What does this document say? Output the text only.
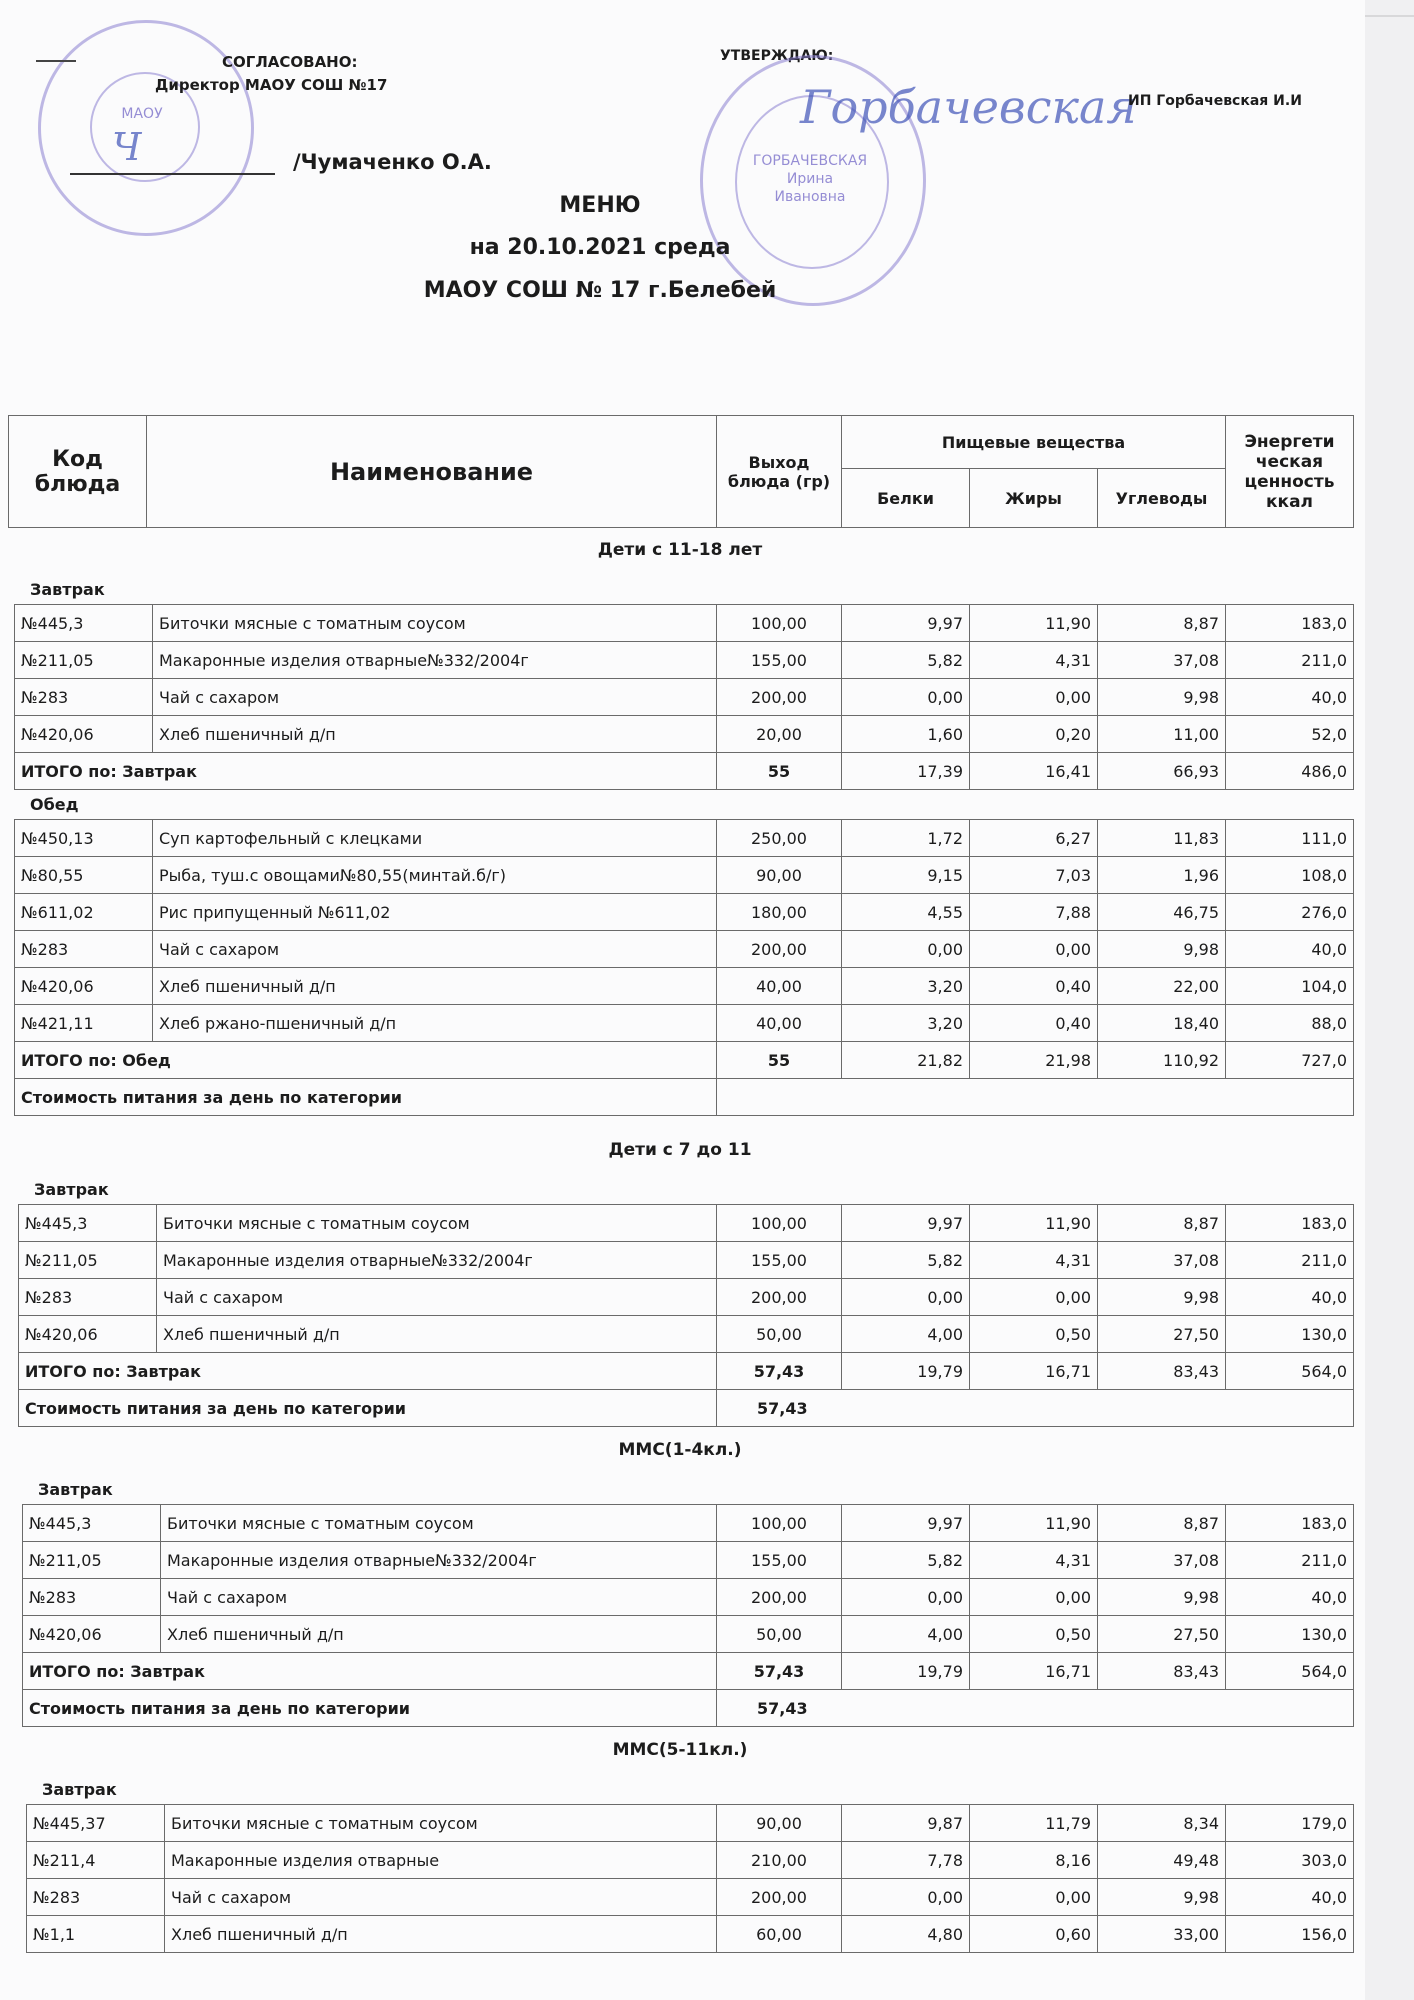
МАОУ
Ч
СОГЛАСОВАНО:
Директор МАОУ СОШ №17
/Чумаченко О.А.
УТВЕРЖДАЮ:
ГОРБАЧЕВСКАЯ
Ирина
Ивановна
Горбачевская
ИП Горбачевская И.И
МЕНЮ
на 20.10.2021 среда
МАОУ СОШ № 17 г.Белебей
Код блюда	Наименование	Выход блюда (гр)	Пищевые вещества			Энергети ческая ценность ккал
			Белки	Жиры	Углеводы	
Дети с 11-18 лет
Завтрак
№445,3	Биточки мясные с томатным соусом	100,00	9,97	11,90	8,87	183,0
№211,05	Макаронные изделия отварные№332/2004г	155,00	5,82	4,31	37,08	211,0
№283	Чай с сахаром	200,00	0,00	0,00	9,98	40,0
№420,06	Хлеб пшеничный д/п	20,00	1,60	0,20	11,00	52,0
ИТОГО по: Завтрак		55	17,39	16,41	66,93	486,0
Обед
№450,13	Суп картофельный с клецками	250,00	1,72	6,27	11,83	111,0
№80,55	Рыба, туш.с овощами№80,55(минтай.б/г)	90,00	9,15	7,03	1,96	108,0
№611,02	Рис припущенный №611,02	180,00	4,55	7,88	46,75	276,0
№283	Чай с сахаром	200,00	0,00	0,00	9,98	40,0
№420,06	Хлеб пшеничный д/п	40,00	3,20	0,40	22,00	104,0
№421,11	Хлеб ржано-пшеничный д/п	40,00	3,20	0,40	18,40	88,0
ИТОГО по: Обед		55	21,82	21,98	110,92	727,0
Стоимость питания за день по категории						
Дети с 7 до 11
Завтрак
№445,3	Биточки мясные с томатным соусом	100,00	9,97	11,90	8,87	183,0
№211,05	Макаронные изделия отварные№332/2004г	155,00	5,82	4,31	37,08	211,0
№283	Чай с сахаром	200,00	0,00	0,00	9,98	40,0
№420,06	Хлеб пшеничный д/п	50,00	4,00	0,50	27,50	130,0
ИТОГО по: Завтрак		57,43	19,79	16,71	83,43	564,0
Стоимость питания за день по категории		57,43				
ММС(1-4кл.)
Завтрак
№445,3	Биточки мясные с томатным соусом	100,00	9,97	11,90	8,87	183,0
№211,05	Макаронные изделия отварные№332/2004г	155,00	5,82	4,31	37,08	211,0
№283	Чай с сахаром	200,00	0,00	0,00	9,98	40,0
№420,06	Хлеб пшеничный д/п	50,00	4,00	0,50	27,50	130,0
ИТОГО по: Завтрак		57,43	19,79	16,71	83,43	564,0
Стоимость питания за день по категории		57,43				
ММС(5-11кл.)
Завтрак
№445,37	Биточки мясные с томатным соусом	90,00	9,87	11,79	8,34	179,0
№211,4	Макаронные изделия отварные	210,00	7,78	8,16	49,48	303,0
№283	Чай с сахаром	200,00	0,00	0,00	9,98	40,0
№1,1	Хлеб пшеничный д/п	60,00	4,80	0,60	33,00	156,0
